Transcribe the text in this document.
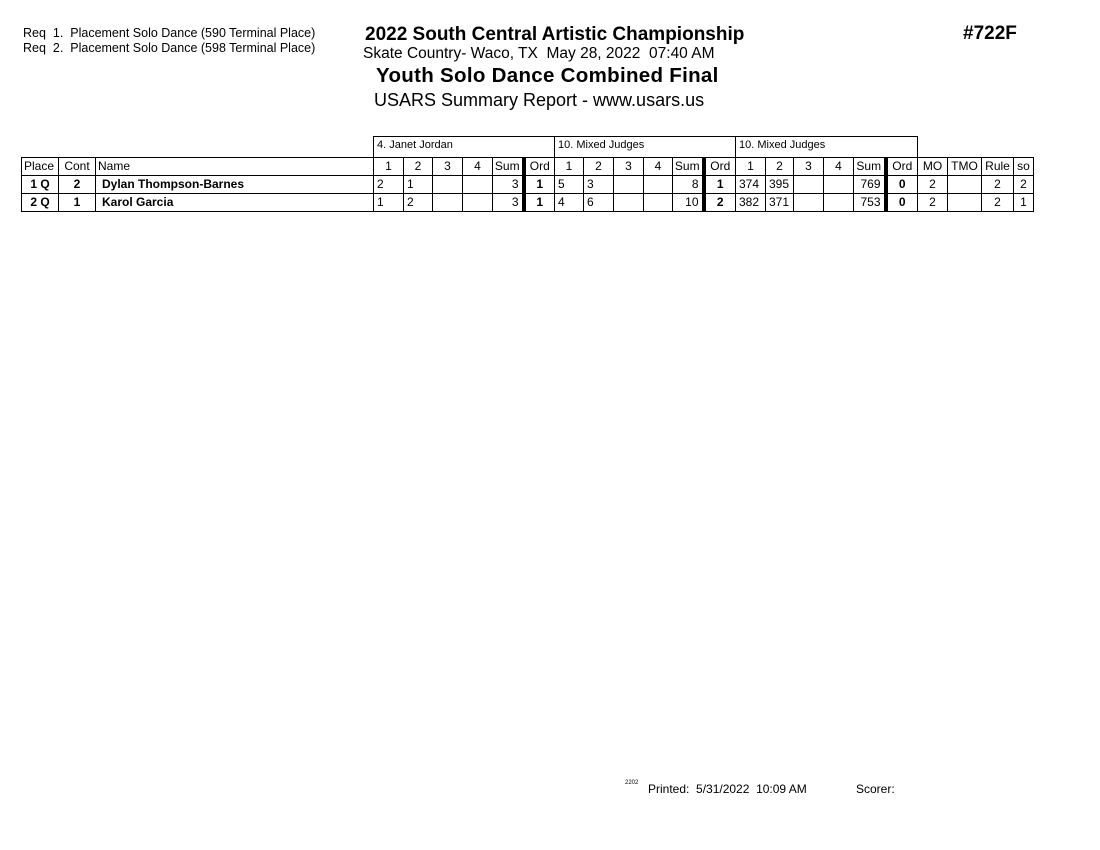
Req  1.  Placement Solo Dance (590 Terminal Place)
Req  2.  Placement Solo Dance (598 Terminal Place)
2022 South Central Artistic Championship
Skate Country- Waco, TX  May 28, 2022  07:40 AM
Youth Solo Dance Combined Final
USARS Summary Report - www.usars.us
#722F
			4. Janet Jordan						10. Mixed Judges						10. Mixed Judges									
Place	Cont	Name	1	2	3	4	Sum	Ord	1	2	3	4	Sum	Ord	1	2	3	4	Sum	Ord	MO	TMO	Rule	so
1 Q	2	Dylan Thompson-Barnes	2	1			3	1	5	3			8	1	374	395			769	0	2		2	2
2 Q	1	Karol Garcia	1	2			3	1	4	6			10	2	382	371			753	0	2		2	1
2202 Printed:  5/31/2022  10:09 AM	Scorer:
